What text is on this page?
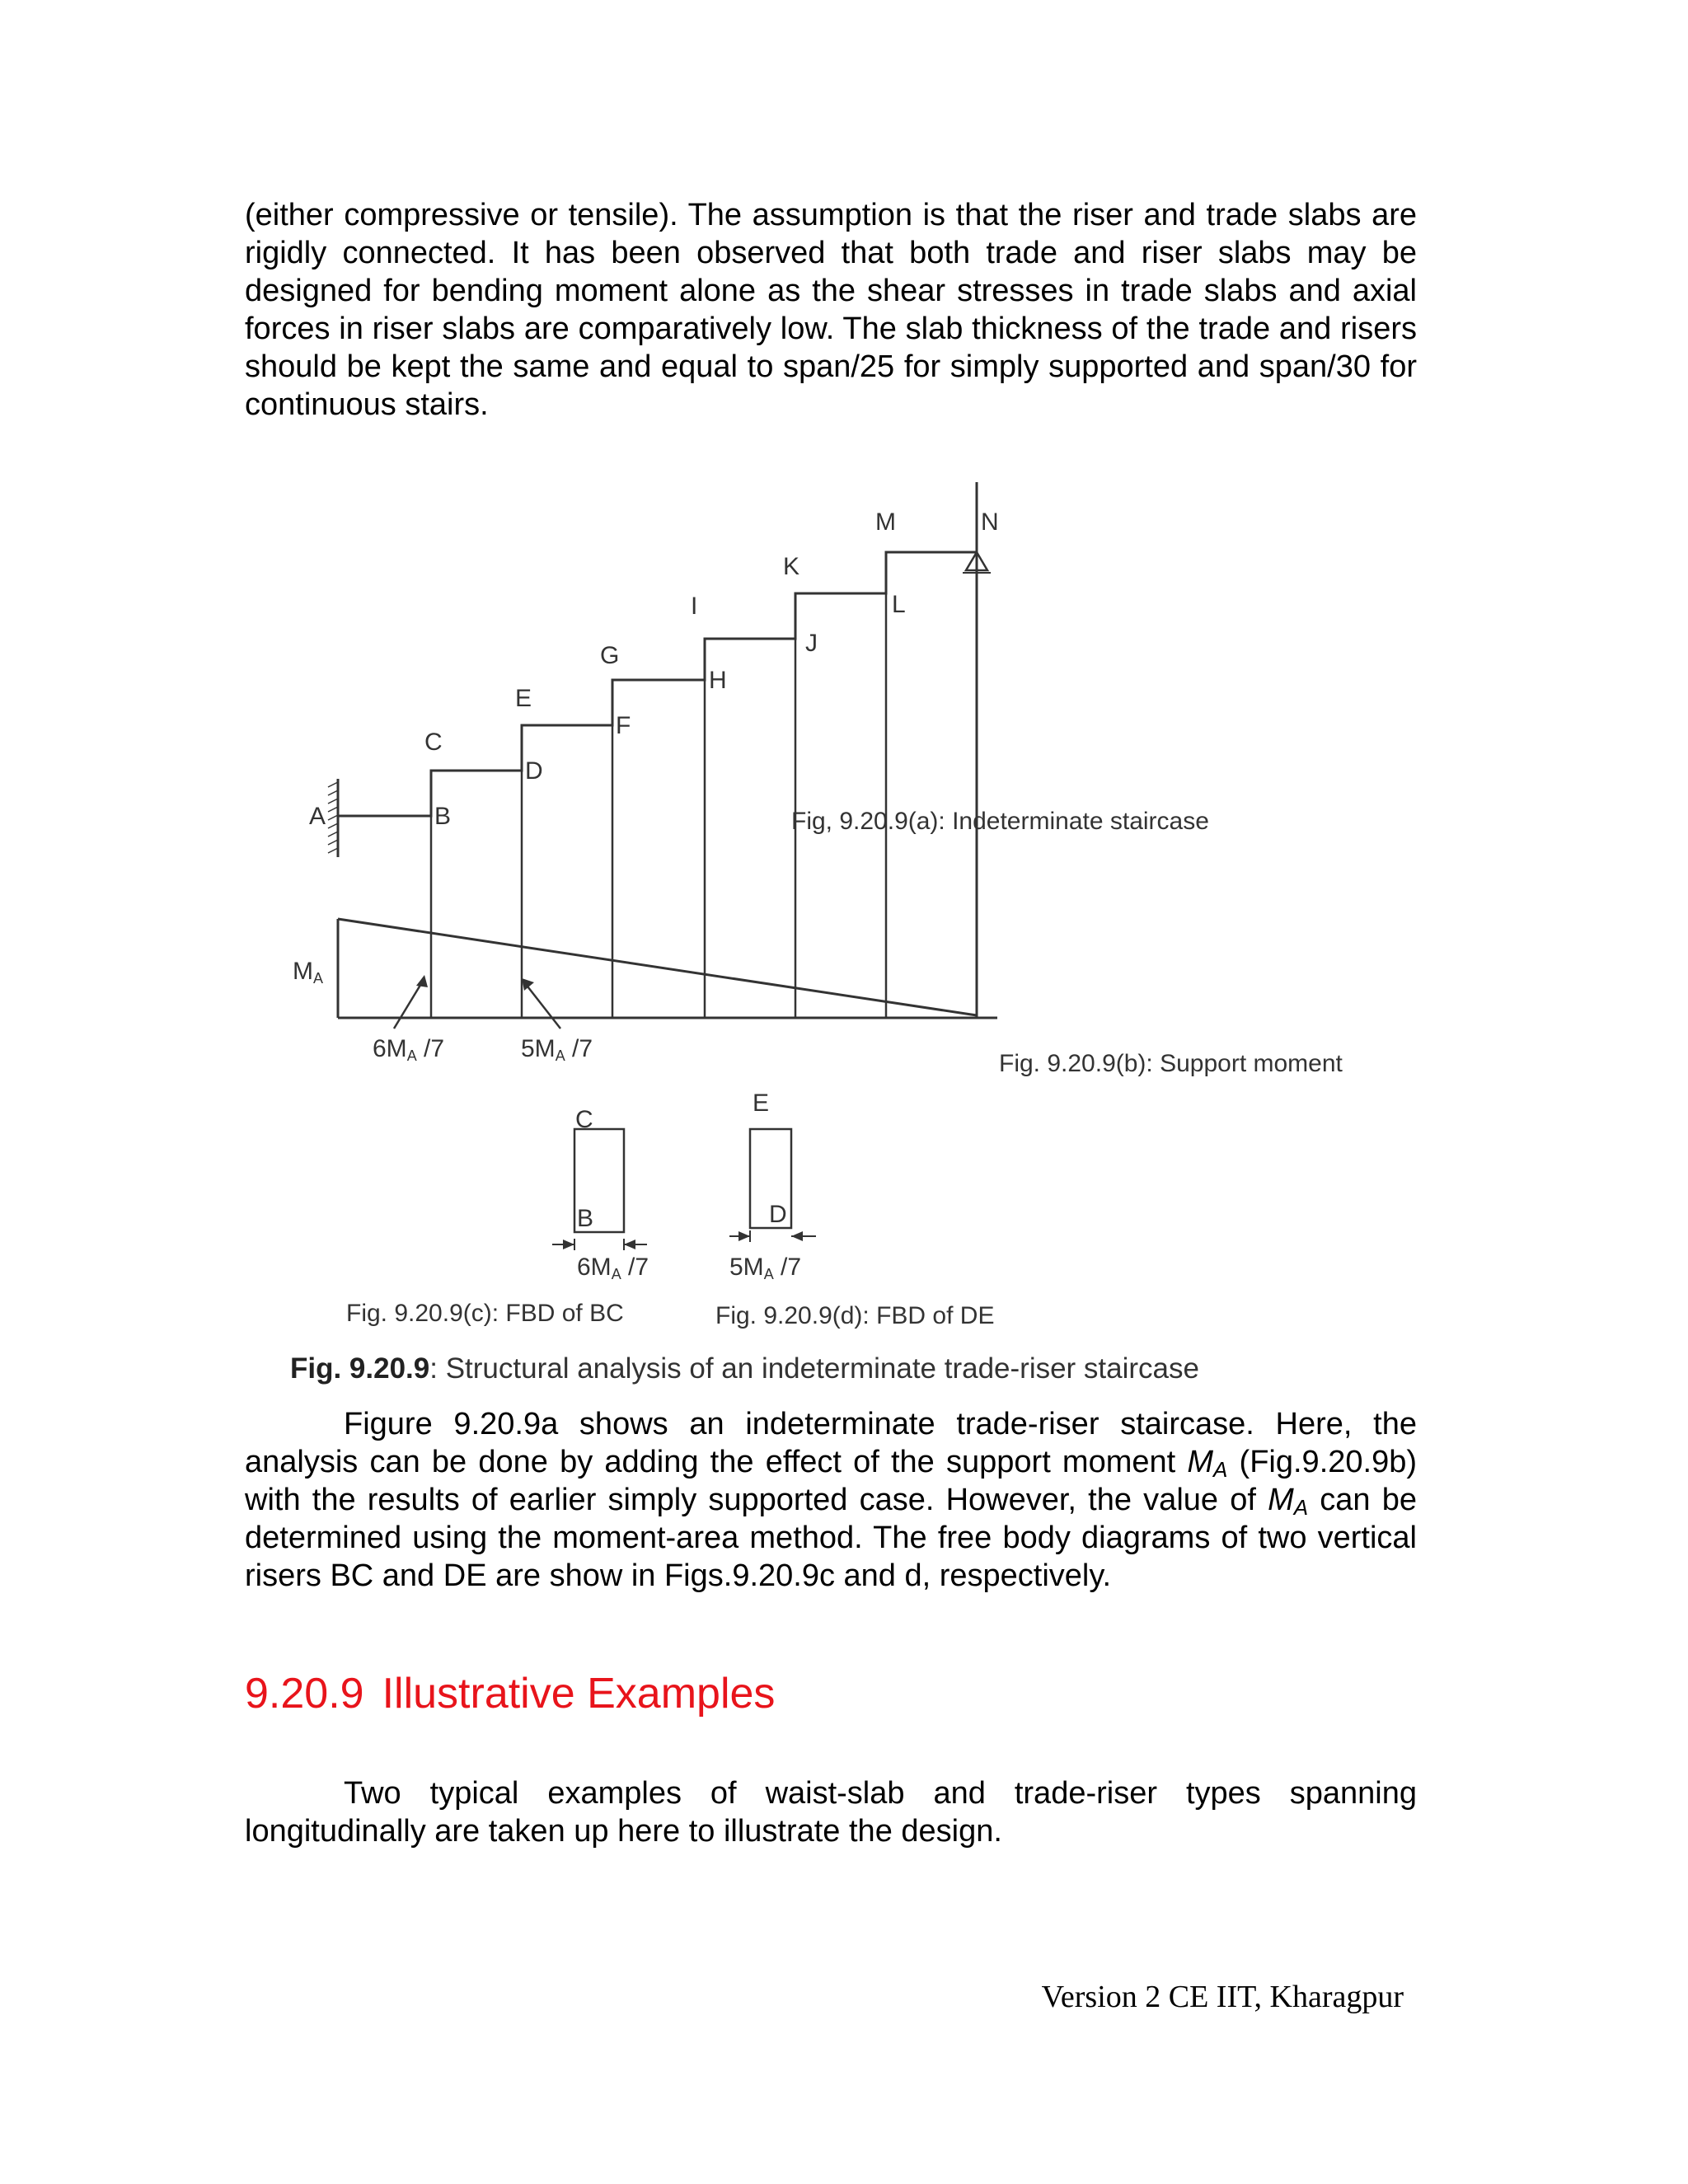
(either compressive or tensile). The assumption is that the riser and trade slabs are rigidly connected. It has been observed that both trade and riser slabs may be designed for bending moment alone as the shear stresses in trade slabs and axial forces in riser slabs are comparatively low. The slab thickness of the trade and risers should be kept the same and equal to span/25 for simply supported and span/30 for continuous stairs.

A	B
C
D
E
F
G
H
I
J
K
L
M	N
Fig, 9.20.9(a): Indeterminate staircase
Fig. 9.20.9(b): Support moment
Fig. 9.20.9(c): FBD of BC	Fig. 9.20.9(d): FBD of DE
MA
6MA /7	5MA /7
C
B
6MA /7
E
D
5MA /7
Fig. 9.20.9: Structural analysis of an indeterminate trade-riser staircase

Figure 9.20.9a shows an indeterminate trade-riser staircase. Here, the analysis can be done by adding the effect of the support moment $M_A$ (Fig.9.20.9b) with the results of earlier simply supported case. However, the value of $M_A$ can be determined using the moment-area method. The free body diagrams of two vertical risers BC and DE are show in Figs.9.20.9c and d, respectively.

9.20.9 Illustrative Examples

Two typical examples of waist-slab and trade-riser types spanning longitudinally are taken up here to illustrate the design.

Version 2 CE IIT, Kharagpur
